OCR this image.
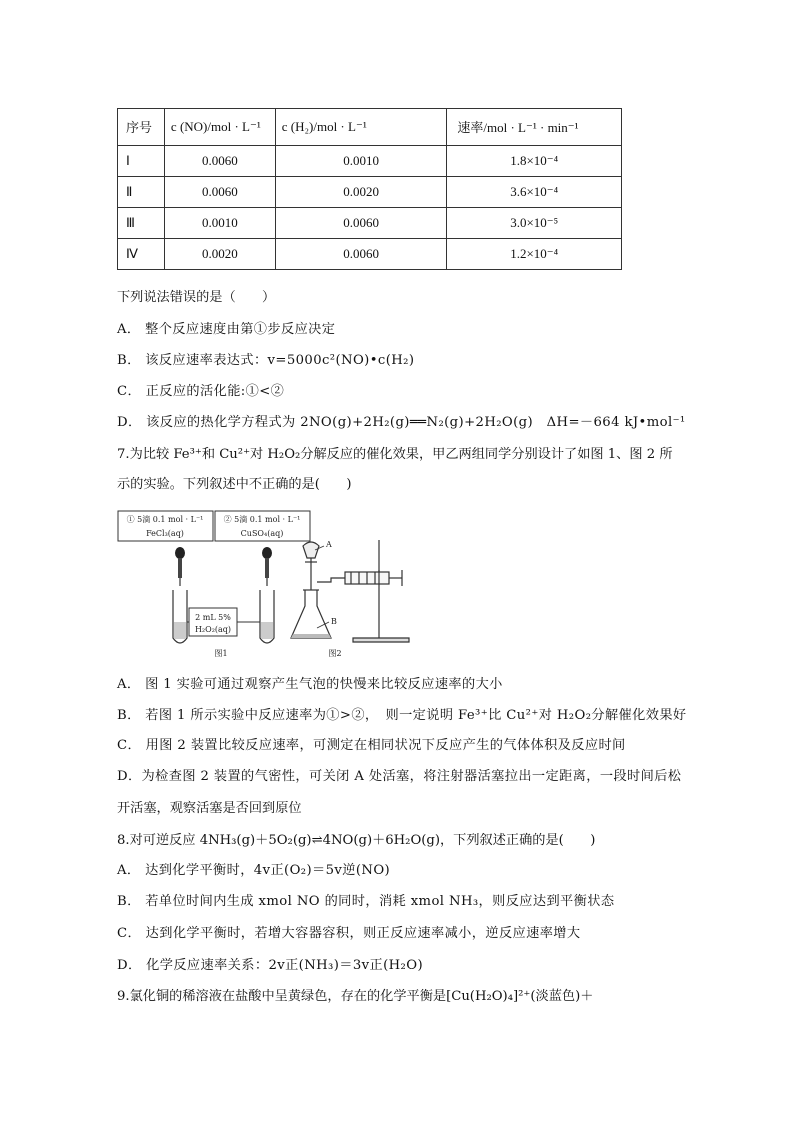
序号	c (NO)/mol · L⁻¹	c (H₂)/mol · L⁻¹	速率/mol · L⁻¹ · min⁻¹
Ⅰ	0.0060	0.0010	1.8×10⁻⁴
Ⅱ	0.0060	0.0020	3.6×10⁻⁴
Ⅲ	0.0010	0.0060	3.0×10⁻⁵
Ⅳ	0.0020	0.0060	1.2×10⁻⁴
下列说法错误的是（　　）
A． 整个反应速度由第①步反应决定
B． 该反应速率表达式：v=5000c²(NO)•c(H₂)
C． 正反应的活化能:①<②
D． 该反应的热化学方程式为 2NO(g)+2H₂(g)══N₂(g)+2H₂O(g)　ΔH=－664 kJ•mol⁻¹
7.为比较 Fe³⁺和 Cu²⁺对 H₂O₂分解反应的催化效果，甲乙两组同学分别设计了如图 1、图 2 所
示的实验。下列叙述中不正确的是(　　)
① 5滴 0.1 mol · L⁻¹
FeCl₃(aq)
② 5滴 0.1 mol · L⁻¹
CuSO₄(aq)
2 mL 5%
H₂O₂(aq)
图1	图2
A
B
A． 图 1 实验可通过观察产生气泡的快慢来比较反应速率的大小
B． 若图 1 所示实验中反应速率为①>②，　则一定说明 Fe³⁺比 Cu²⁺对 H₂O₂分解催化效果好
C． 用图 2 装置比较反应速率，可测定在相同状况下反应产生的气体体积及反应时间
D．为检查图 2 装置的气密性，可关闭 A 处活塞，将注射器活塞拉出一定距离，一段时间后松
开活塞，观察活塞是否回到原位
8.对可逆反应 4NH₃(g)＋5O₂(g)⇌4NO(g)＋6H₂O(g)，下列叙述正确的是(　　)
A． 达到化学平衡时，4v正(O₂)＝5v逆(NO)
B． 若单位时间内生成 xmol NO 的同时，消耗 xmol NH₃，则反应达到平衡状态
C． 达到化学平衡时，若增大容器容积，则正反应速率减小，逆反应速率增大
D． 化学反应速率关系：2v正(NH₃)＝3v正(H₂O)
9.氯化铜的稀溶液在盐酸中呈黄绿色，存在的化学平衡是[Cu(H₂O)₄]²⁺(淡蓝色)＋
